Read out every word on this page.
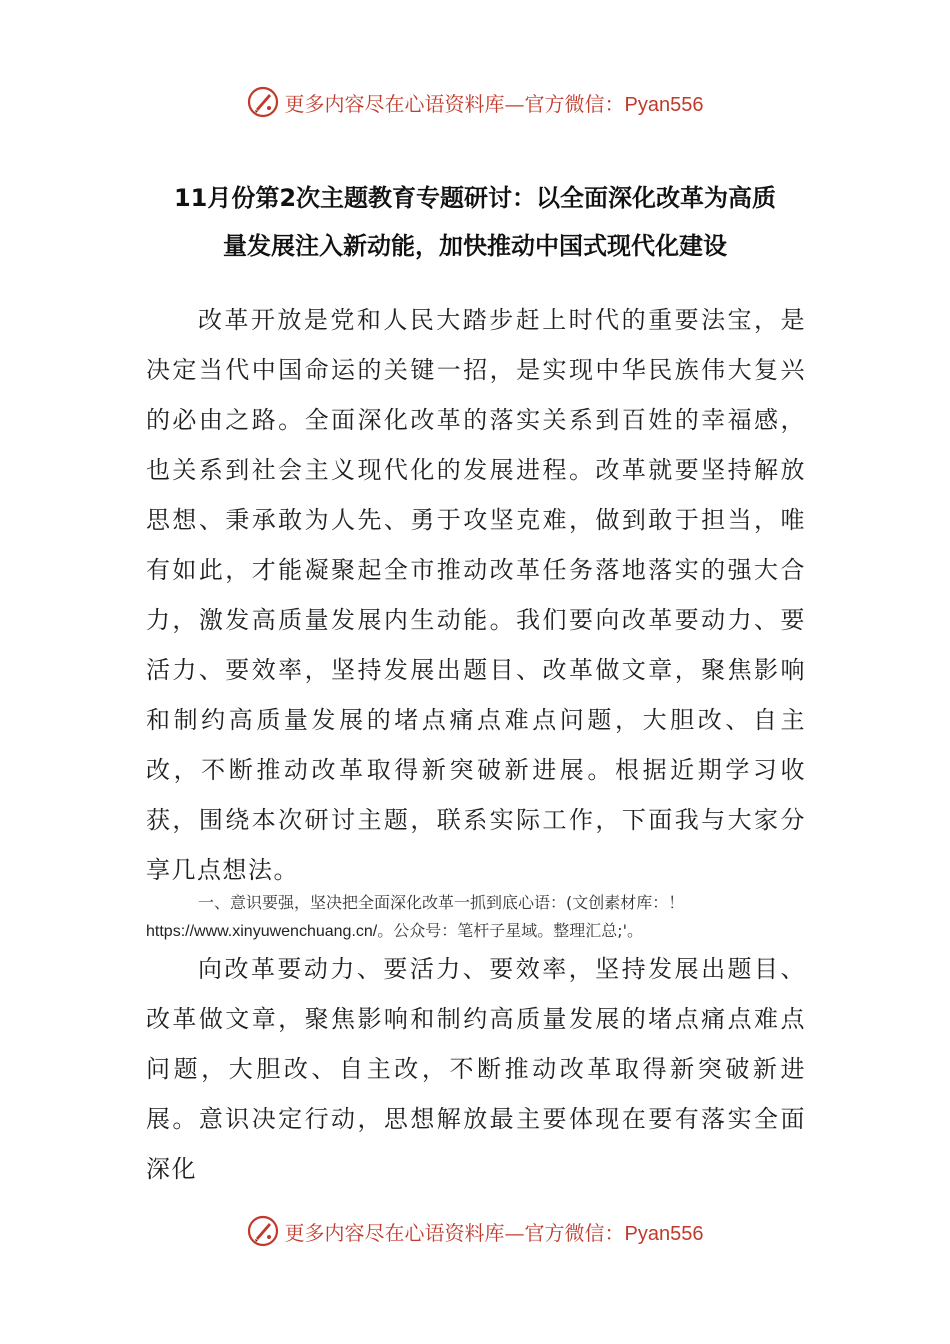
更多内容尽在心语资料库—官方微信：Pyan556
11月份第2次主题教育专题研讨：以全面深化改革为高质
量发展注入新动能，加快推动中国式现代化建设

改革开放是党和人民大踏步赶上时代的重要法宝，是决定当代中国命运的关键一招，是实现中华民族伟大复兴的必由之路。全面深化改革的落实关系到百姓的幸福感，也关系到社会主义现代化的发展进程。改革就要坚持解放思想、秉承敢为人先、勇于攻坚克难，做到敢于担当，唯有如此，才能凝聚起全市推动改革任务落地落实的强大合力，激发高质量发展内生动能。我们要向改革要动力、要活力、要效率，坚持发展出题目、改革做文章，聚焦影响和制约高质量发展的堵点痛点难点问题，大胆改、自主改，不断推动改革取得新突破新进展。根据近期学习收获，围绕本次研讨主题，联系实际工作，下面我与大家分享几点想法。

一、意识要强，坚决把全面深化改革一抓到底心语：(文创素材库：！https://www.xinyuwenchuang.cn/。公众号：笔杆子星域。整理汇总;'。

向改革要动力、要活力、要效率，坚持发展出题目、改革做文章，聚焦影响和制约高质量发展的堵点痛点难点问题，大胆改、自主改，不断推动改革取得新突破新进展。意识决定行动，思想解放最主要体现在要有落实全面深化

更多内容尽在心语资料库—官方微信：Pyan556
